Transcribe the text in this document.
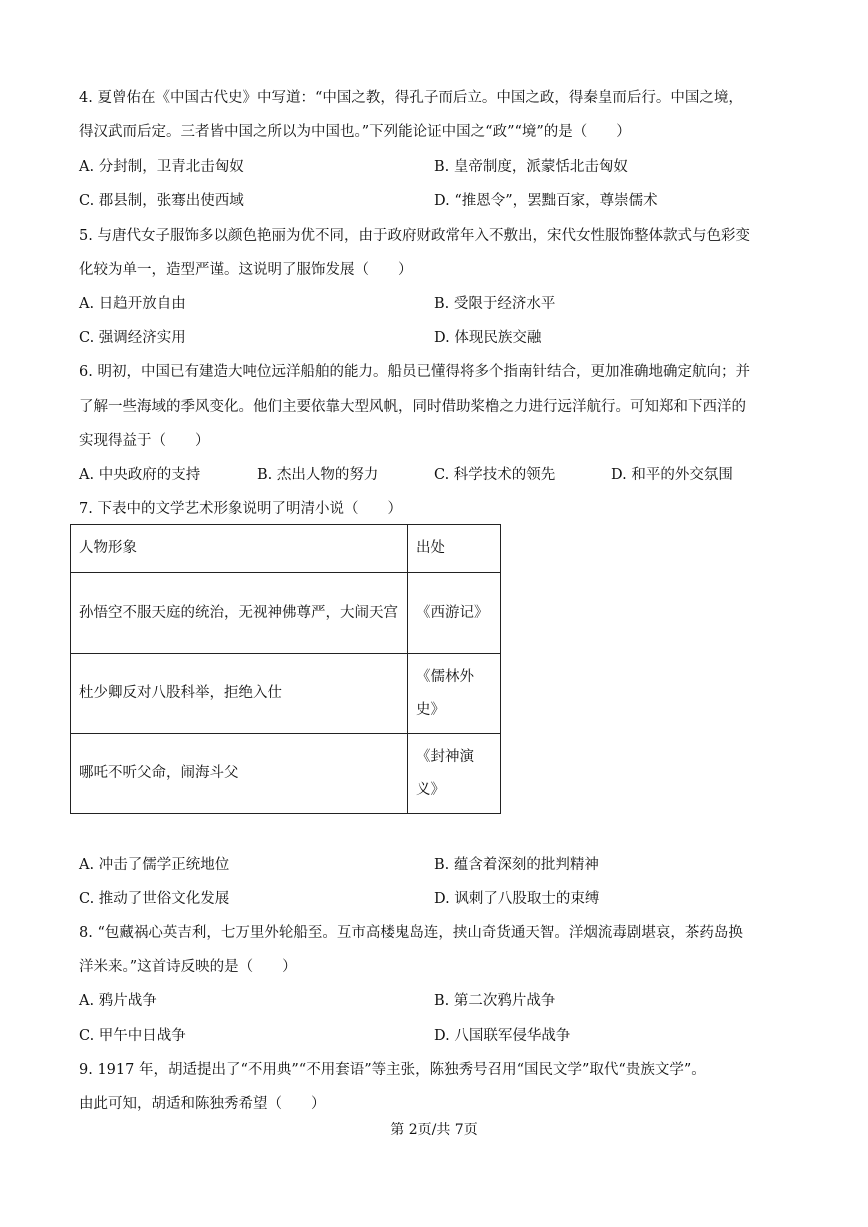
4. 夏曾佑在《中国古代史》中写道：“中国之教，得孔子而后立。中国之政，得秦皇而后行。中国之境，
得汉武而后定。三者皆中国之所以为中国也。”下列能论证中国之“政”“境”的是（　　）
A. 分封制，卫青北击匈奴	B. 皇帝制度，派蒙恬北击匈奴
C. 郡县制，张骞出使西域	D. “推恩令”，罢黜百家，尊崇儒术
5. 与唐代女子服饰多以颜色艳丽为优不同，由于政府财政常年入不敷出，宋代女性服饰整体款式与色彩变
化较为单一，造型严谨。这说明了服饰发展（　　）
A. 日趋开放自由	B. 受限于经济水平
C. 强调经济实用	D. 体现民族交融
6. 明初，中国已有建造大吨位远洋船舶的能力。船员已懂得将多个指南针结合，更加准确地确定航向；并
了解一些海域的季风变化。他们主要依靠大型风帆，同时借助桨橹之力进行远洋航行。可知郑和下西洋的
实现得益于（　　）
A. 中央政府的支持	B. 杰出人物的努力	C. 科学技术的领先	D. 和平的外交氛围
7. 下表中的文学艺术形象说明了明清小说（　　）
人物形象	出处
孙悟空不服天庭的统治，无视神佛尊严，大闹天宫	《西游记》
杜少卿反对八股科举，拒绝入仕	《儒林外史》
哪吒不听父命，闹海斗父	《封神演义》
A. 冲击了儒学正统地位	B. 蕴含着深刻的批判精神
C. 推动了世俗文化发展	D. 讽刺了八股取士的束缚
8. “包藏祸心英吉利，七万里外轮船至。互市高楼鬼岛连，挟山奇货通天智。洋烟流毒剧堪哀，茶药岛换
洋米来。”这首诗反映的是（　　）
A. 鸦片战争	B. 第二次鸦片战争
C. 甲午中日战争	D. 八国联军侵华战争
9. 1917 年，胡适提出了“不用典”“不用套语”等主张，陈独秀号召用“国民文学”取代“贵族文学”。
由此可知，胡适和陈独秀希望（　　）
第 2页/共 7页
